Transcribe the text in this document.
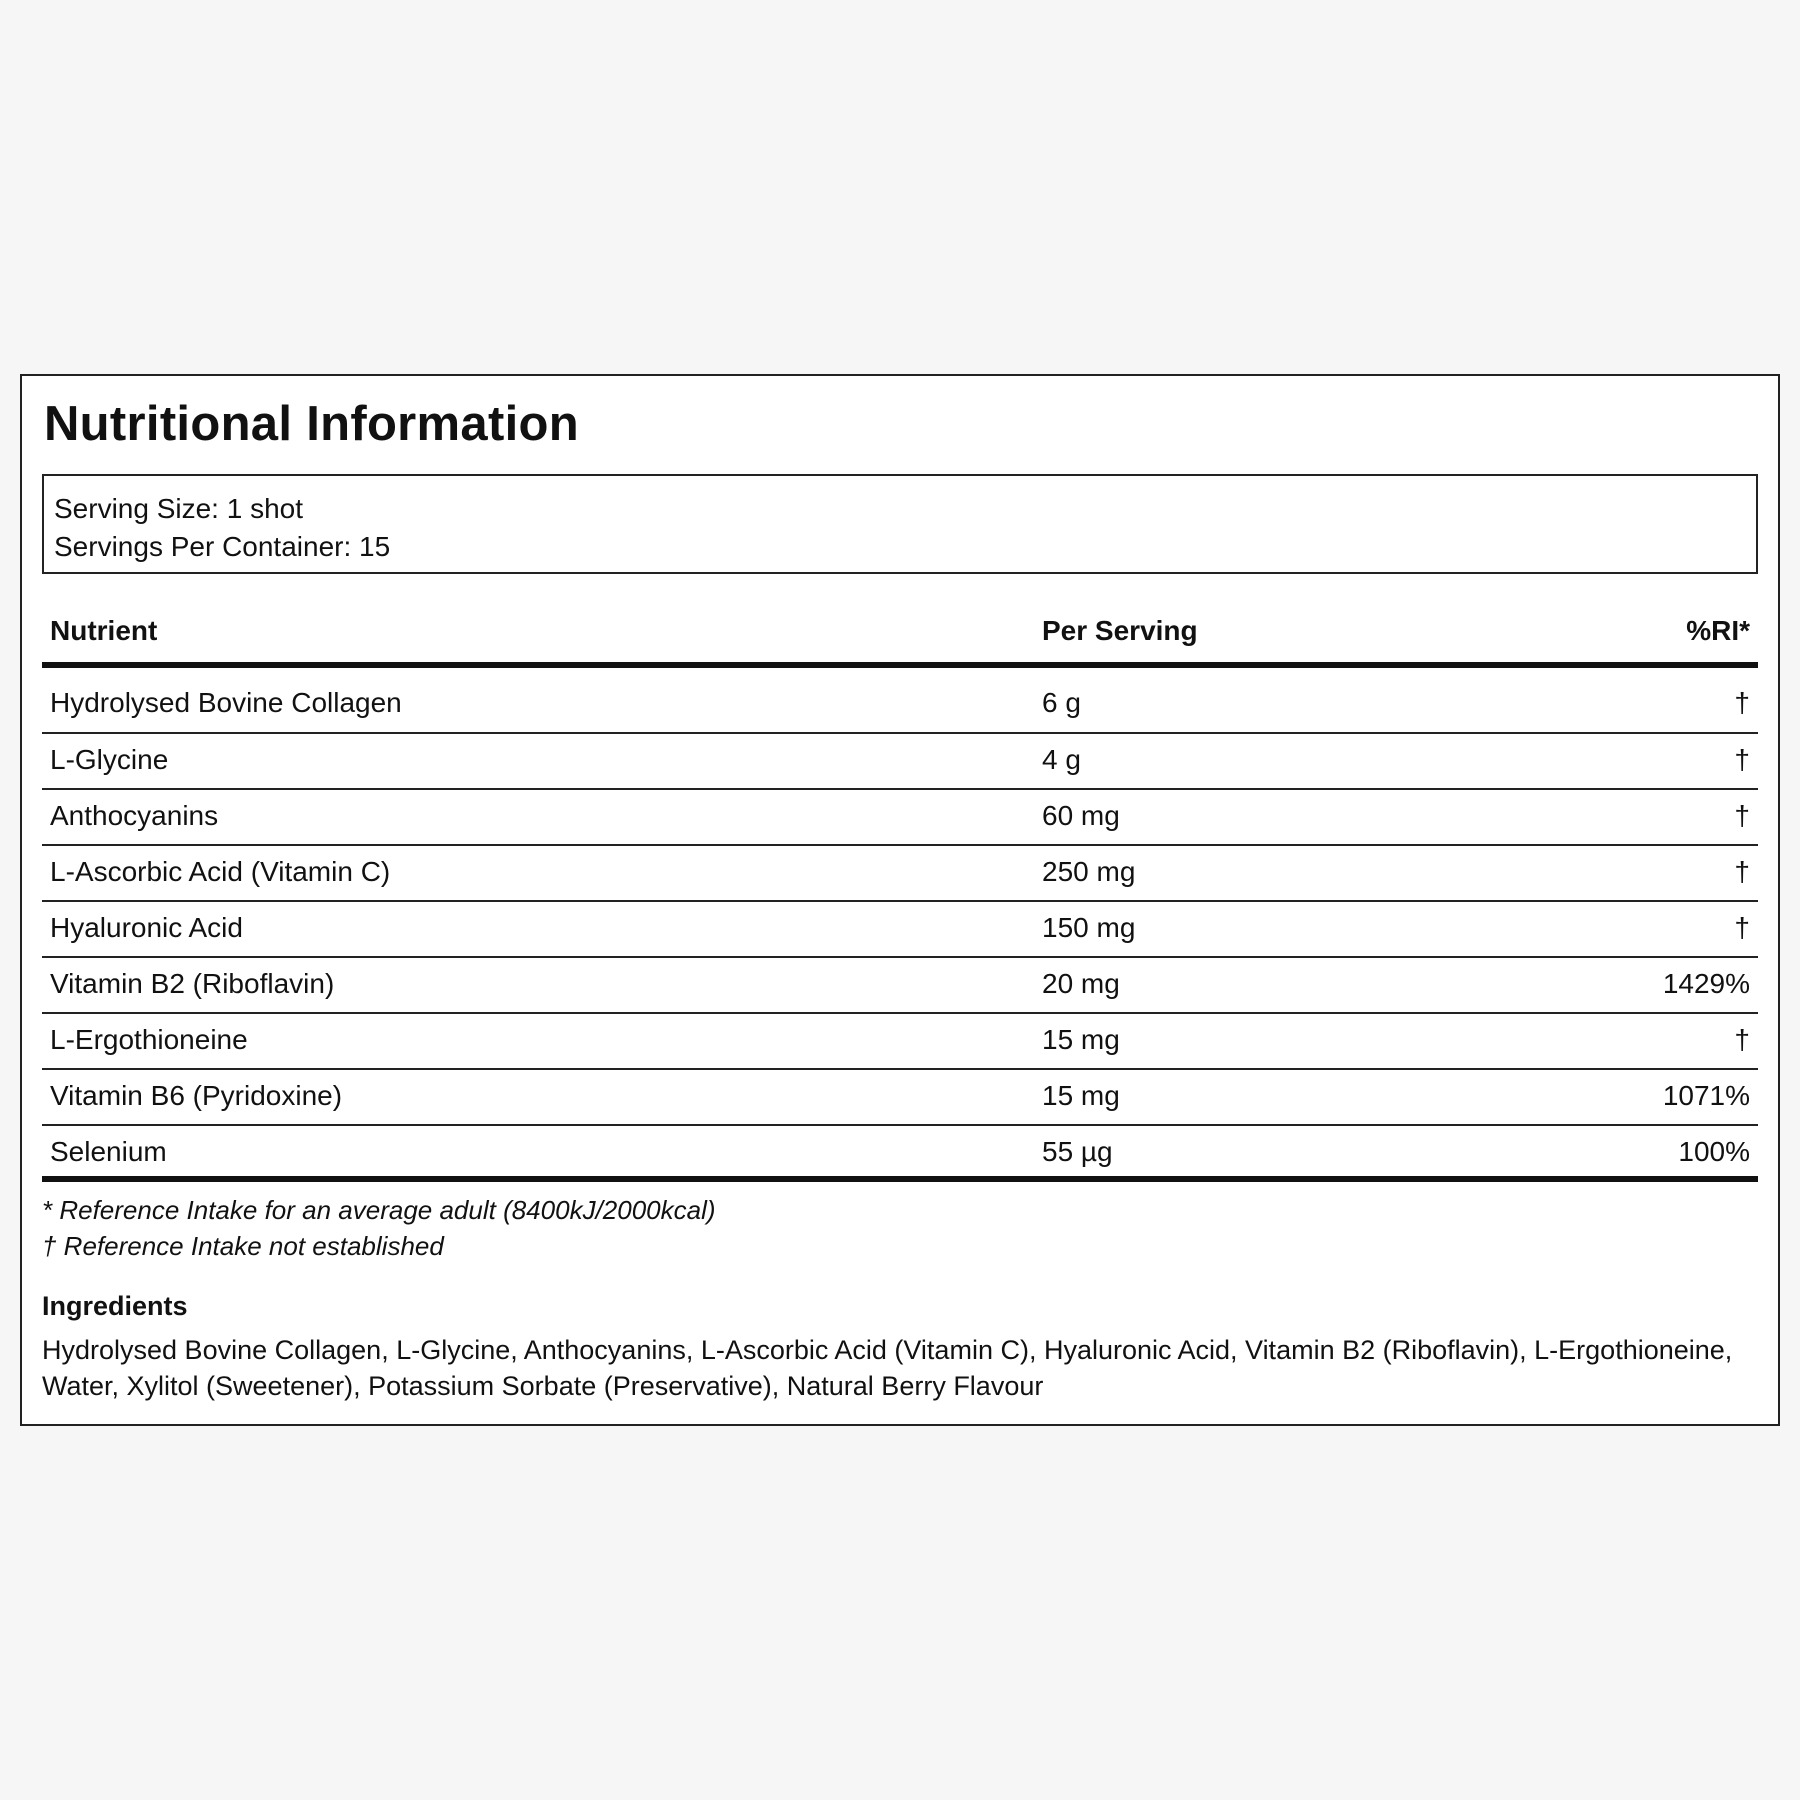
Nutritional Information

Serving Size: 1 shot

Servings Per Container: 15

Nutrient	Per Serving	%RI*
Hydrolysed Bovine Collagen	6 g	†
L-Glycine	4 g	†
Anthocyanins	60 mg	†
L-Ascorbic Acid (Vitamin C)	250 mg	†
Hyaluronic Acid	150 mg	†
Vitamin B2 (Riboflavin)	20 mg	1429%
L-Ergothioneine	15 mg	†
Vitamin B6 (Pyridoxine)	15 mg	1071%
Selenium	55 µg	100%

* Reference Intake for an average adult (8400kJ/2000kcal)

† Reference Intake not established

Ingredients

Hydrolysed Bovine Collagen, L-Glycine, Anthocyanins, L-Ascorbic Acid (Vitamin C), Hyaluronic Acid, Vitamin B2 (Riboflavin), L-Ergothioneine, Water, Xylitol (Sweetener), Potassium Sorbate (Preservative), Natural Berry Flavour
